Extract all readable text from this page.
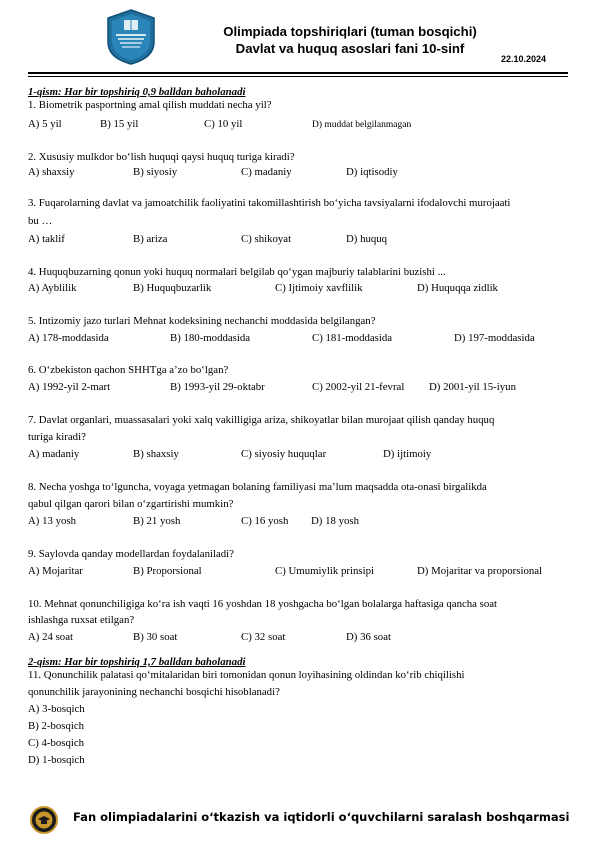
Olimpiada topshiriqlari (tuman bosqichi)
Davlat va huquq asoslari fani 10-sinf
22.10.2024
1-qism: Har bir topshiriq 0,9 balldan baholanadi
1. Biometrik pasportning amal qilish muddati necha yil?
A) 5 yil	B) 15 yil	C) 10 yil	D) muddat belgilanmagan
2. Xususiy mulkdor bo‘lish huquqi qaysi huquq turiga kiradi?
A) shaxsiy	B) siyosiy	C) madaniy	D) iqtisodiy
3. Fuqarolarning davlat va jamoatchilik faoliyatini takomillashtirish bo‘yicha tavsiyalarni ifodalovchi murojaati
bu …
A) taklif	B) ariza	C) shikoyat	D) huquq
4. Huquqbuzarning qonun yoki huquq normalari belgilab qo‘ygan majburiy talablarini buzishi ...
A) Ayblilik	B) Huquqbuzarlik	C) Ijtimoiy xavflilik	D) Huquqqa zidlik
5. Intizomiy jazo turlari Mehnat kodeksining nechanchi moddasida belgilangan?
A) 178-moddasida	B) 180-moddasida	C) 181-moddasida	D) 197-moddasida
6. O‘zbekiston qachon SHHTga a’zo bo‘lgan?
A) 1992-yil 2-mart	B) 1993-yil 29-oktabr	C) 2002-yil 21-fevral D) 2001-yil 15-iyun
7. Davlat organlari, muassasalari yoki xalq vakilligiga ariza, shikoyatlar bilan murojaat qilish qanday huquq
turiga kiradi?
A) madaniy	B) shaxsiy	C) siyosiy huquqlar	D) ijtimoiy
8. Necha yoshga to‘lguncha, voyaga yetmagan bolaning familiyasi ma’lum maqsadda ota-onasi birgalikda
qabul qilgan qarori bilan o‘zgartirishi mumkin?
A) 13 yosh	B) 21 yosh	C) 16 yosh D) 18 yosh
9. Saylovda qanday modellardan foydalaniladi?
A) Mojaritar	B) Proporsional	C) Umumiylik prinsipi	D) Mojaritar va proporsional
10. Mehnat qonunchiligiga ko‘ra ish vaqti 16 yoshdan 18 yoshgacha bo‘lgan bolalarga haftasiga qancha soat
ishlashga ruxsat etilgan?
A) 24 soat	B) 30 soat	C) 32 soat	D) 36 soat
2-qism: Har bir topshiriq 1,7 balldan baholanadi
11. Qonunchilik palatasi qo‘mitalaridan biri tomonidan qonun loyihasining oldindan ko‘rib chiqilishi
qonunchilik jarayonining nechanchi bosqichi hisoblanadi?
A) 3-bosqich
B) 2-bosqich
C) 4-bosqich
D) 1-bosqich
Fan olimpiadalarini o‘tkazish va iqtidorli o‘quvchilarni saralash boshqarmasi
